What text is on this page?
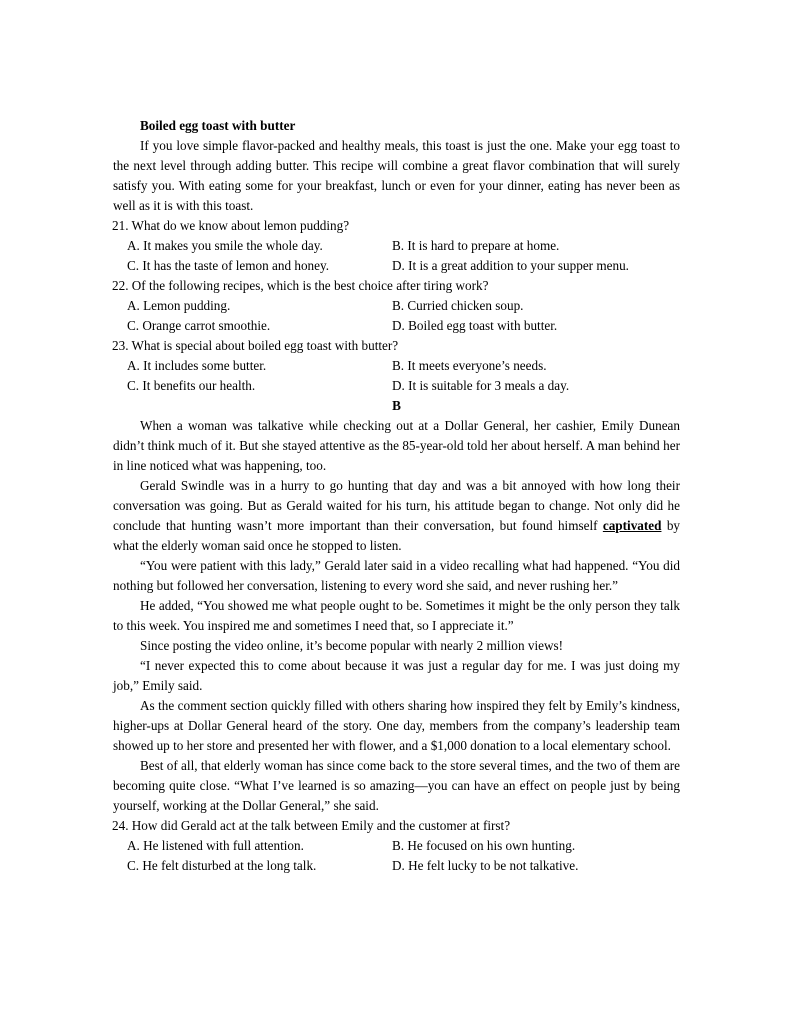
Boiled egg toast with butter

If you love simple flavor-packed and healthy meals, this toast is just the one. Make your egg toast to the next level through adding butter. This recipe will combine a great flavor combination that will surely satisfy you. With eating some for your breakfast, lunch or even for your dinner, eating has never been as well as it is with this toast.

21. What do we know about lemon pudding?
A. It makes you smile the whole day.	B. It is hard to prepare at home.
C. It has the taste of lemon and honey.	D. It is a great addition to your supper menu.
22. Of the following recipes, which is the best choice after tiring work?
A. Lemon pudding.	B. Curried chicken soup.
C. Orange carrot smoothie.	D. Boiled egg toast with butter.
23. What is special about boiled egg toast with butter?
A. It includes some butter.	B. It meets everyone’s needs.
C. It benefits our health.	D. It is suitable for 3 meals a day.
B

When a woman was talkative while checking out at a Dollar General, her cashier, Emily Dunean didn’t think much of it. But she stayed attentive as the 85-year-old told her about herself. A man behind her in line noticed what was happening, too.

Gerald Swindle was in a hurry to go hunting that day and was a bit annoyed with how long their conversation was going. But as Gerald waited for his turn, his attitude began to change. Not only did he conclude that hunting wasn’t more important than their conversation, but found himself captivated by what the elderly woman said once he stopped to listen.

“You were patient with this lady,” Gerald later said in a video recalling what had happened. “You did nothing but followed her conversation, listening to every word she said, and never rushing her.”

He added, “You showed me what people ought to be. Sometimes it might be the only person they talk to this week. You inspired me and sometimes I need that, so I appreciate it.”

Since posting the video online, it’s become popular with nearly 2 million views!

“I never expected this to come about because it was just a regular day for me. I was just doing my job,” Emily said.

As the comment section quickly filled with others sharing how inspired they felt by Emily’s kindness, higher-ups at Dollar General heard of the story. One day, members from the company’s leadership team showed up to her store and presented her with flower, and a $1,000 donation to a local elementary school.

Best of all, that elderly woman has since come back to the store several times, and the two of them are becoming quite close. “What I’ve learned is so amazing—you can have an effect on people just by being yourself, working at the Dollar General,” she said.

24. How did Gerald act at the talk between Emily and the customer at first?
A. He listened with full attention.	B. He focused on his own hunting.
C. He felt disturbed at the long talk.	D. He felt lucky to be not talkative.
